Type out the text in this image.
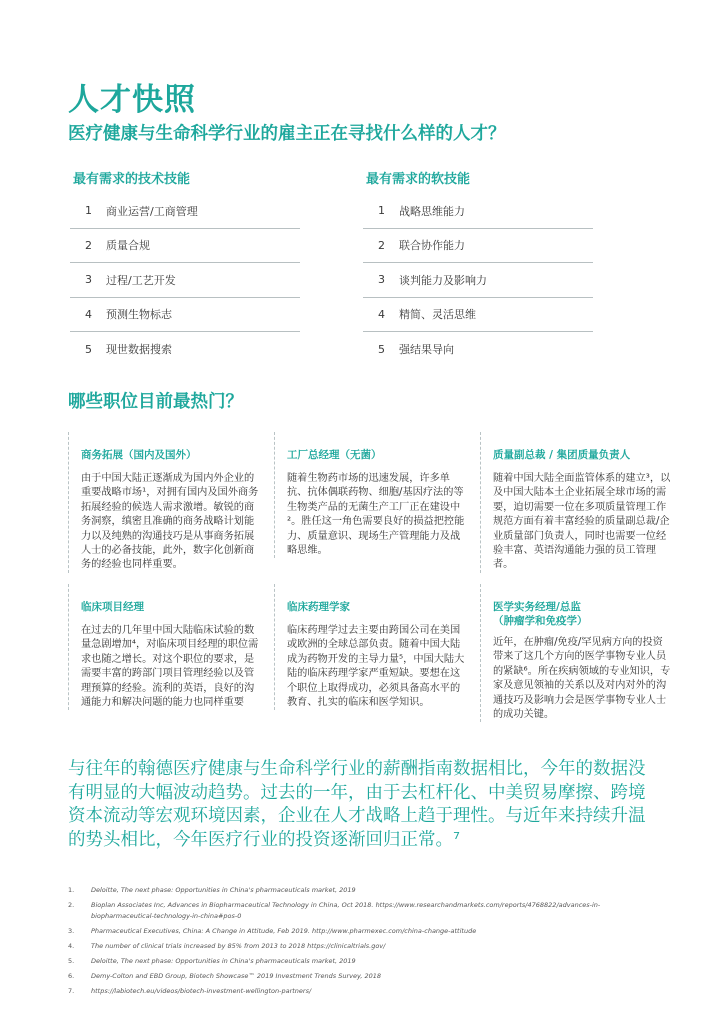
人才快照
医疗健康与生命科学行业的雇主正在寻找什么样的人才？
最有需求的技术技能
1	商业运营/工商管理
2	质量合规
3	过程/工艺开发
4	预测生物标志
5	现世数据搜索
最有需求的软技能
1	战略思维能力
2	联合协作能力
3	谈判能力及影响力
4	精简、灵活思维
5	强结果导向
哪些职位目前最热门？
商务拓展（国内及国外）
由于中国大陆正逐渐成为国内外企业的重要战略市场¹，对拥有国内及国外商务拓展经验的候选人需求激增。敏锐的商务洞察，缜密且准确的商务战略计划能力以及纯熟的沟通技巧是从事商务拓展人士的必备技能，此外，数字化创新商务的经验也同样重要。
工厂总经理（无菌）
随着生物药市场的迅速发展，许多单抗、抗体偶联药物、细胞/基因疗法的等生物类产品的无菌生产工厂正在建设中²。胜任这一角色需要良好的损益把控能力、质量意识、现场生产管理能力及战略思维。
质量副总裁 / 集团质量负责人
随着中国大陆全面监管体系的建立³，以及中国大陆本土企业拓展全球市场的需要，迫切需要一位在多项质量管理工作规范方面有着丰富经验的质量副总裁/企业质量部门负责人，同时也需要一位经验丰富、英语沟通能力强的员工管理者。
临床项目经理
在过去的几年里中国大陆临床试验的数量急剧增加⁴，对临床项目经理的职位需求也随之增长。对这个职位的要求，是需要丰富的跨部门项目管理经验以及管理预算的经验。流利的英语，良好的沟通能力和解决问题的能力也同样重要
临床药理学家
临床药理学过去主要由跨国公司在美国或欧洲的全球总部负责。随着中国大陆成为药物开发的主导力量⁵，中国大陆大陆的临床药理学家严重短缺。要想在这个职位上取得成功，必须具备高水平的教育、扎实的临床和医学知识。
医学实务经理/总监
（肿瘤学和免疫学）
近年，在肿瘤/免疫/罕见病方向的投资带来了这几个方向的医学事物专业人员的紧缺⁶。所在疾病领域的专业知识，专家及意见领袖的关系以及对内对外的沟通技巧及影响力会是医学事物专业人士的成功关键。

与往年的翰德医疗健康与生命科学行业的薪酬指南数据相比，今年的数据没有明显的大幅波动趋势。过去的一年，由于去杠杆化、中美贸易摩擦、跨境资本流动等宏观环境因素，企业在人才战略上趋于理性。与近年来持续升温的势头相比，今年医疗行业的投资逐渐回归正常。⁷

1.	Deloitte, The next phase: Opportunities in China's pharmaceuticals market, 2019
2.	Bioplan Associates Inc, Advances in Biopharmaceutical Technology in China, Oct 2018. https://www.researchandmarkets.com/reports/4768822/advances-in-
biopharmaceutical-technology-in-china#pos-0
3.	Pharmaceutical Executives, China: A Change in Attitude, Feb 2019. http://www.pharmexec.com/china-change-attitude
4.	The number of clinical trials increased by 85% from 2013 to 2018 https://clinicaltrials.gov/
5.	Deloitte, The next phase: Opportunities in China's pharmaceuticals market, 2019
6.	Demy-Colton and EBD Group, Biotech Showcase™ 2019 Investment Trends Survey, 2018
7.	https://labiotech.eu/videos/biotech-investment-wellington-partners/
